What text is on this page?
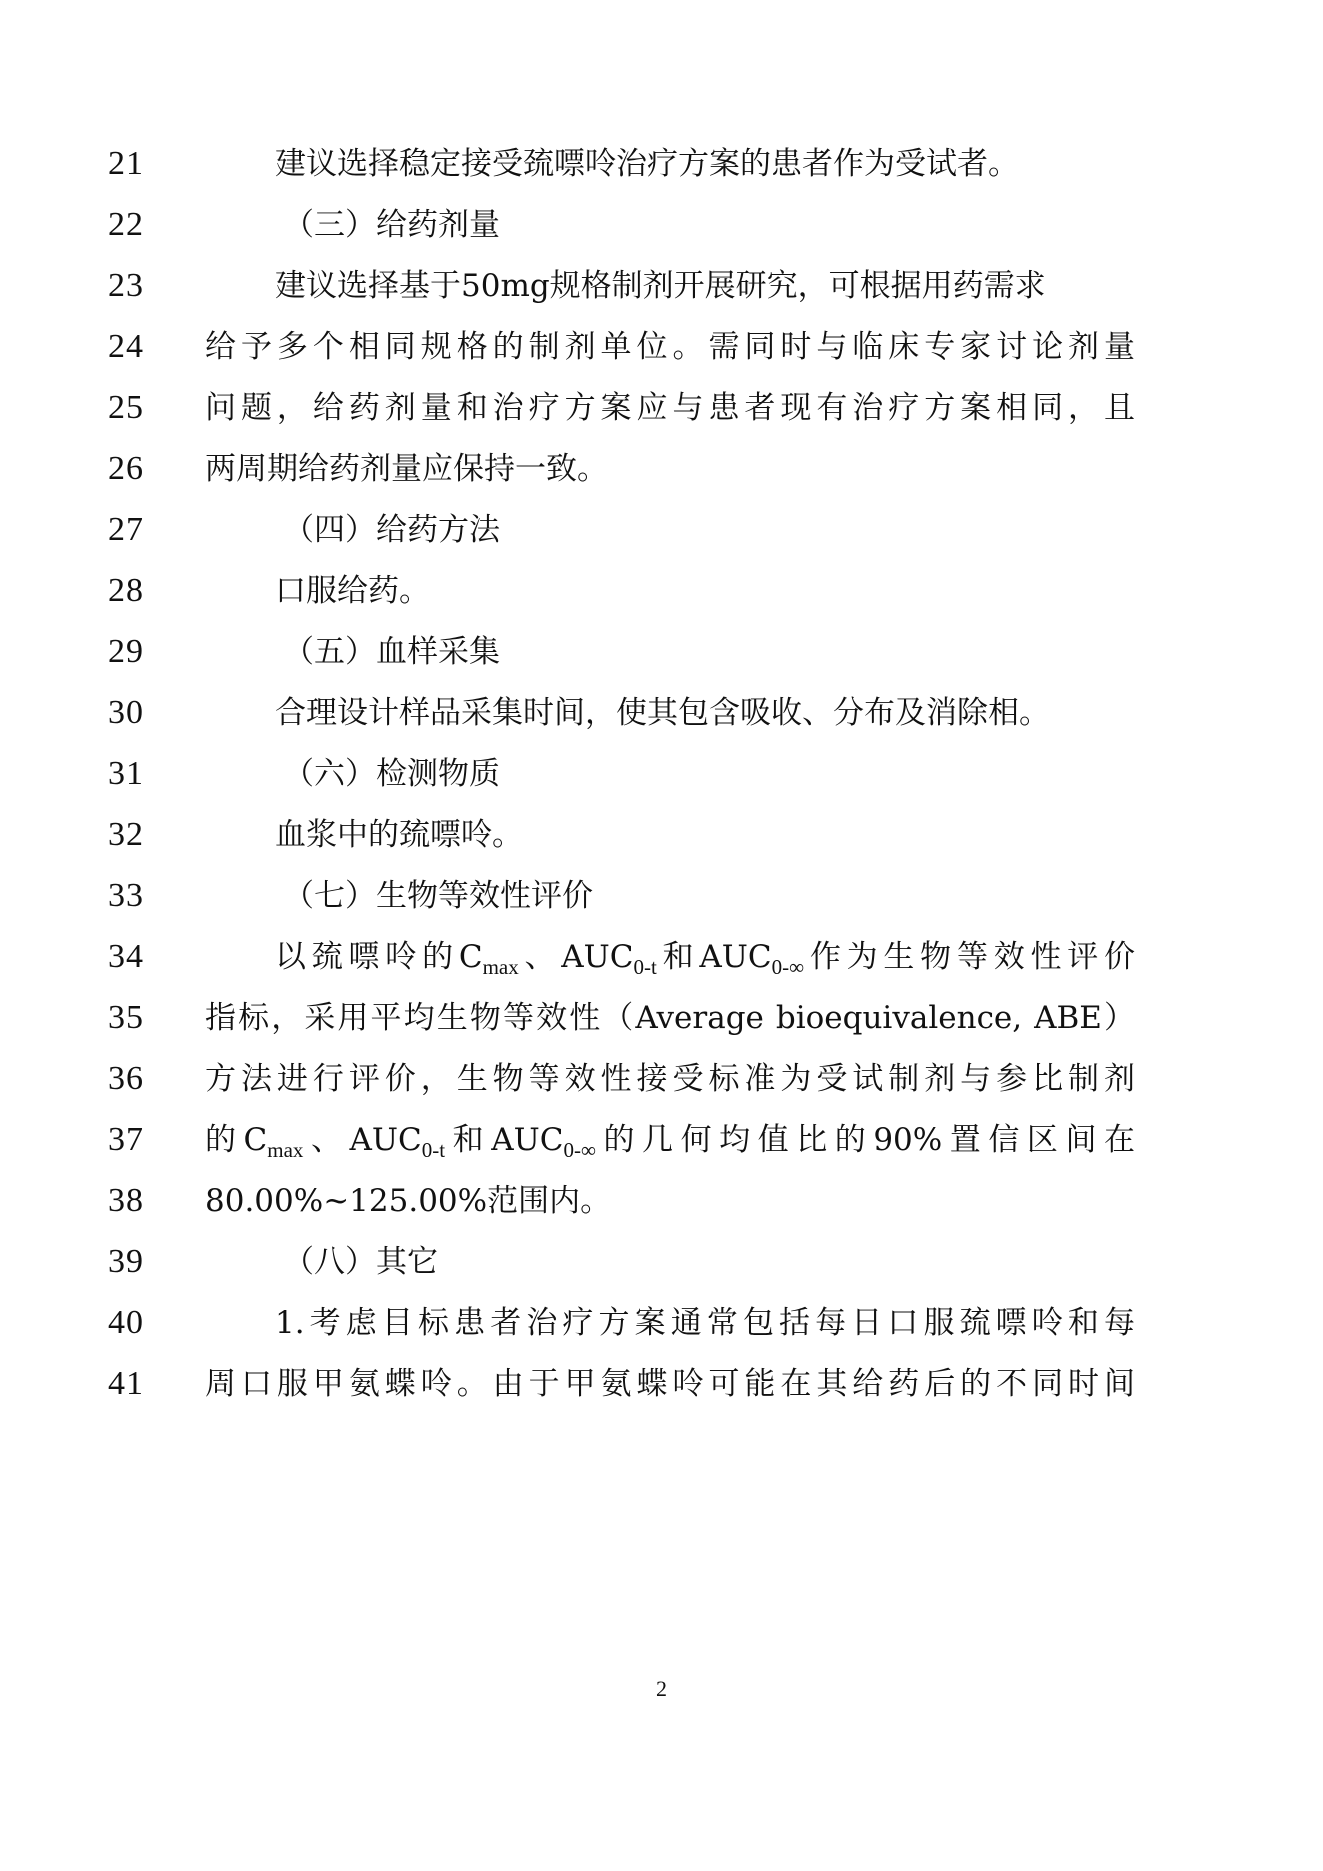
21	建议选择稳定接受巯嘌呤治疗方案的患者作为受试者。
22	（三）给药剂量
23	建议选择基于50mg规格制剂开展研究，可根据用药需求
24	给予多个相同规格的制剂单位。需同时与临床专家讨论剂量
25	问题，给药剂量和治疗方案应与患者现有治疗方案相同，且
26	两周期给药剂量应保持一致。
27	（四）给药方法
28	口服给药。
29	（五）血样采集
30	合理设计样品采集时间，使其包含吸收、分布及消除相。
31	（六）检测物质
32	血浆中的巯嘌呤。
33	（七）生物等效性评价
34	以巯嘌呤的$C_{max}$、$AUC_{0-t}$和$AUC_{0-\infty}$作为生物等效性评价
35	指标，采用平均生物等效性（Average bioequivalence, ABE）
36	方法进行评价，生物等效性接受标准为受试制剂与参比制剂
37	的$C_{max}$、$AUC_{0-t}$和$AUC_{0-\infty}$的几何均值比的90%置信区间在
38	80.00%~125.00%范围内。
39	（八）其它
40	1.考虑目标患者治疗方案通常包括每日口服巯嘌呤和每
41	周口服甲氨蝶呤。由于甲氨蝶呤可能在其给药后的不同时间
2
